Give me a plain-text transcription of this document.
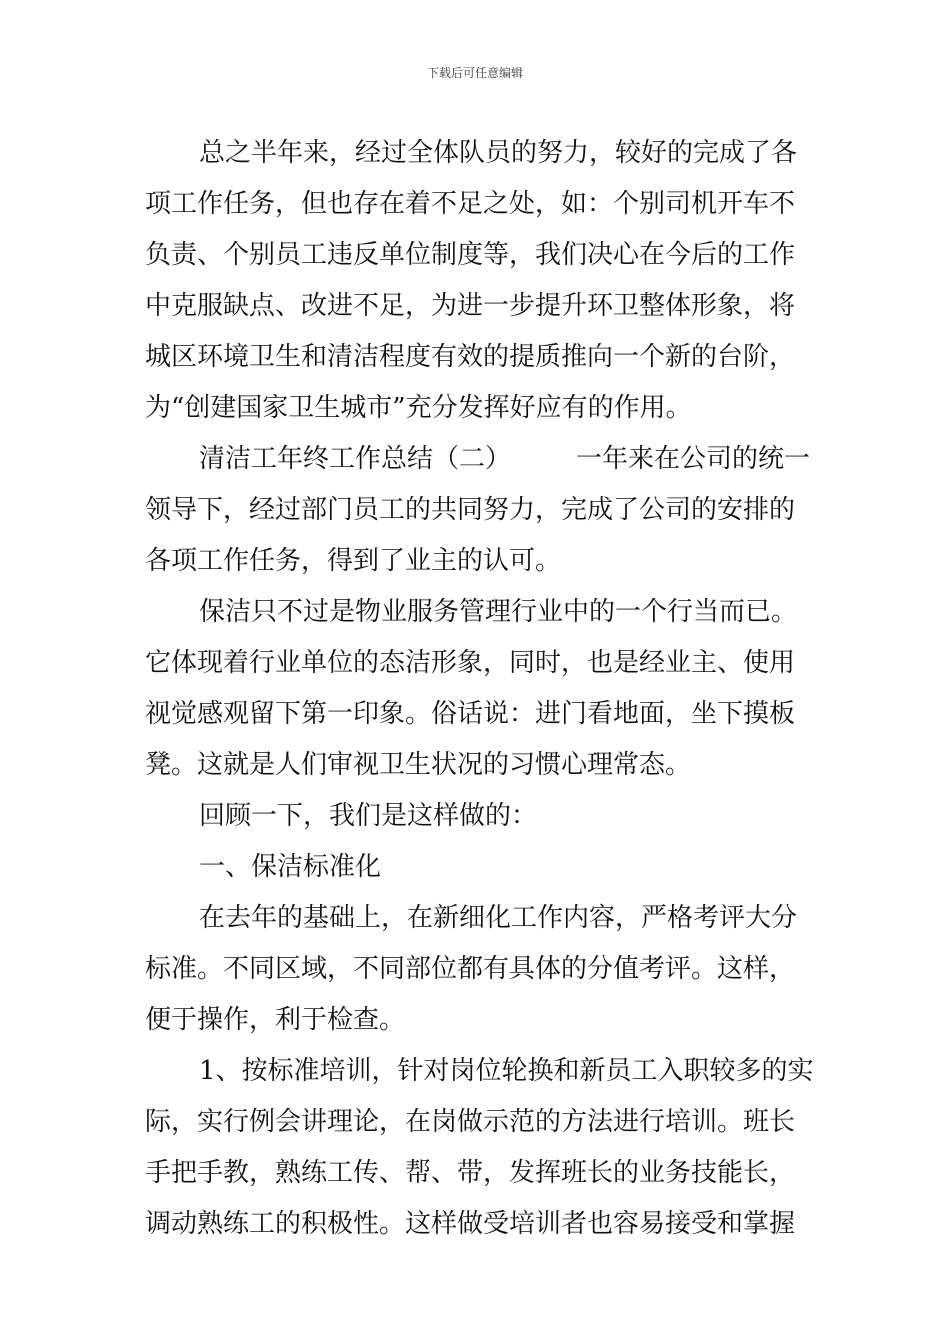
下载后可任意编辑
总之半年来，经过全体队员的努力，较好的完成了各
项工作任务，但也存在着不足之处，如：个别司机开车不
负责、个别员工违反单位制度等，我们决心在今后的工作
中克服缺点、改进不足，为进一步提升环卫整体形象，将
城区环境卫生和清洁程度有效的提质推向一个新的台阶，
为“创建国家卫生城市”充分发挥好应有的作用。
清洁工年终工作总结（二）　　　一年来在公司的统一
领导下，经过部门员工的共同努力，完成了公司的安排的
各项工作任务，得到了业主的认可。
保洁只不过是物业服务管理行业中的一个行当而已。
它体现着行业单位的态洁形象，同时，也是经业主、使用
视觉感观留下第一印象。俗话说：进门看地面，坐下摸板
凳。这就是人们审视卫生状况的习惯心理常态。
回顾一下，我们是这样做的：
一、保洁标准化
在去年的基础上，在新细化工作内容，严格考评大分
标准。不同区域，不同部位都有具体的分值考评。这样，
便于操作，利于检查。
1、按标准培训，针对岗位轮换和新员工入职较多的实
际，实行例会讲理论，在岗做示范的方法进行培训。班长
手把手教，熟练工传、帮、带，发挥班长的业务技能长，
调动熟练工的积极性。这样做受培训者也容易接受和掌握
